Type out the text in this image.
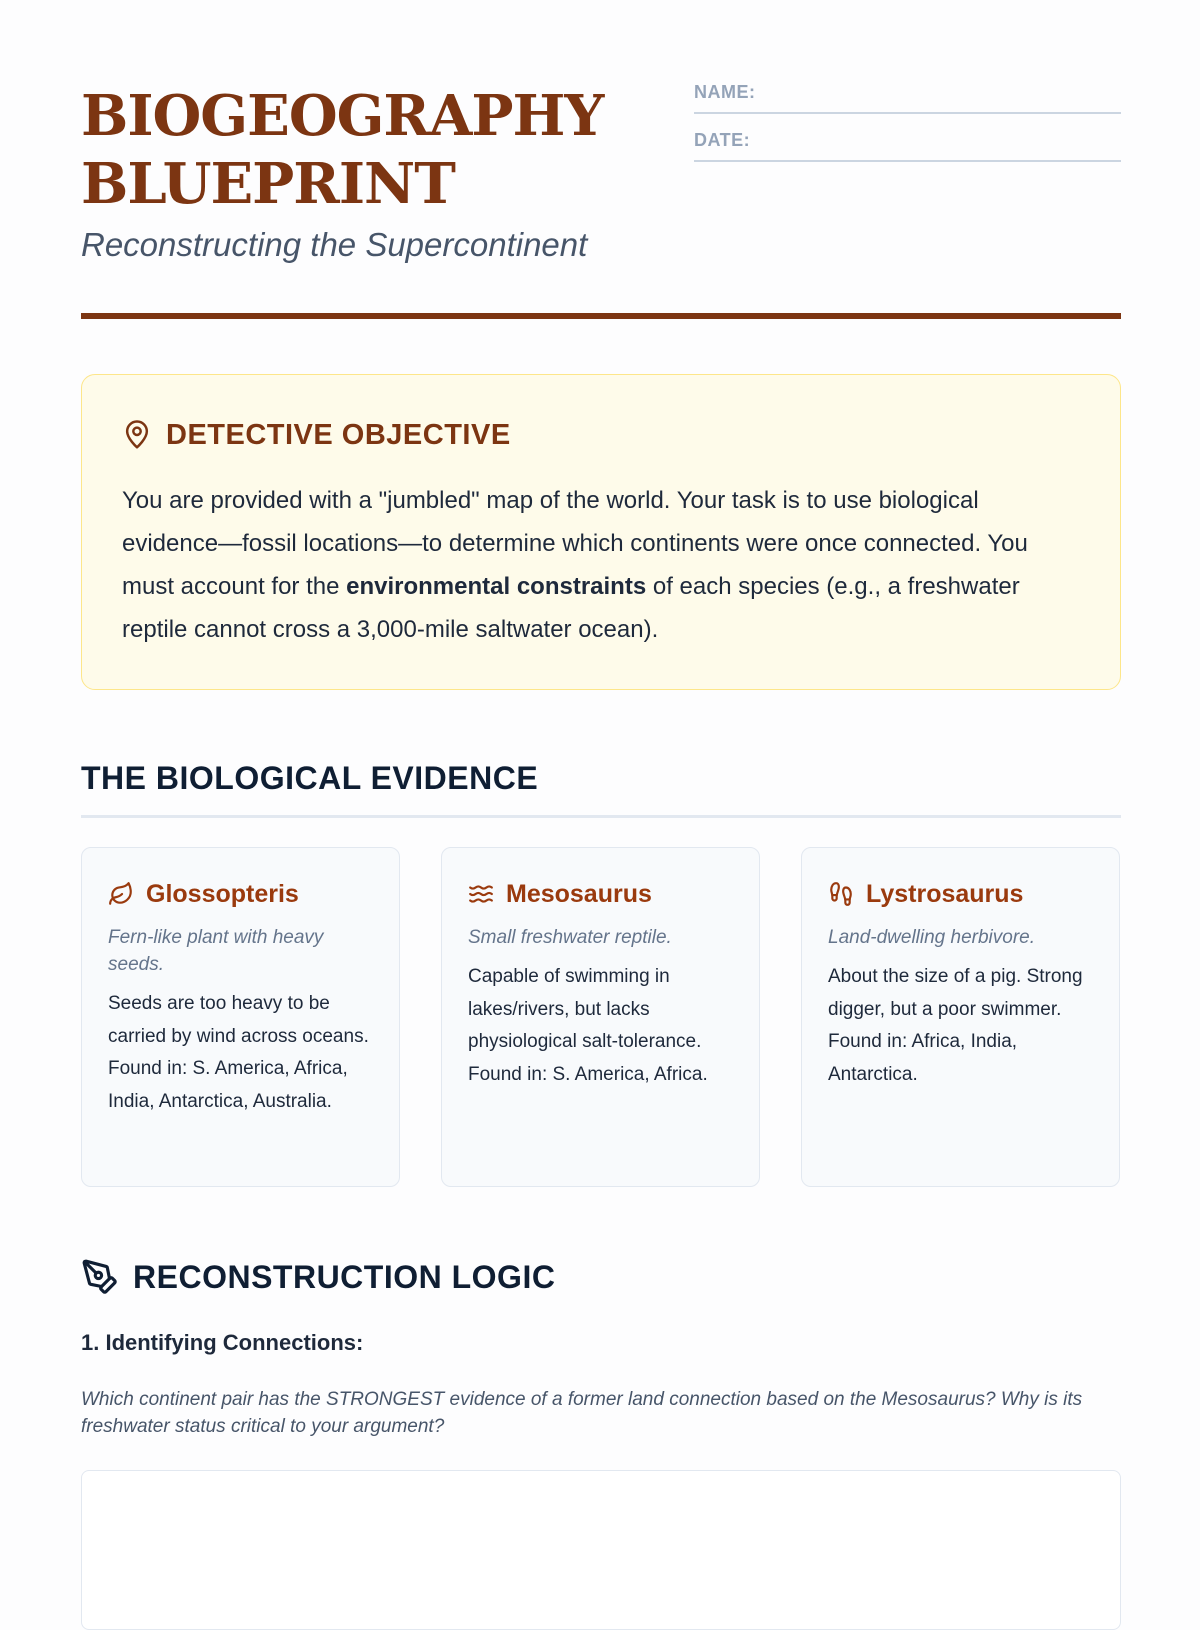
BIOGEOGRAPHY
BLUEPRINT

Reconstructing the Supercontinent

NAME:
DATE:
DETECTIVE OBJECTIVE

You are provided with a "jumbled" map of the world. Your task is to use biological evidence—fossil locations—to determine which continents were once connected. You must account for the environmental constraints of each species (e.g., a freshwater reptile cannot cross a 3,000-mile saltwater ocean).

THE BIOLOGICAL EVIDENCE
Glossopteris

Fern-like plant with heavy seeds.

Seeds are too heavy to be carried by wind across oceans. Found in: S. America, Africa, India, Antarctica, Australia.

Mesosaurus

Small freshwater reptile.

Capable of swimming in lakes/rivers, but lacks physiological salt-tolerance. Found in: S. America, Africa.

Lystrosaurus

Land-dwelling herbivore.

About the size of a pig. Strong digger, but a poor swimmer. Found in: Africa, India, Antarctica.

RECONSTRUCTION LOGIC

1. Identifying Connections:

Which continent pair has the STRONGEST evidence of a former land connection based on the Mesosaurus? Why is its freshwater status critical to your argument?
